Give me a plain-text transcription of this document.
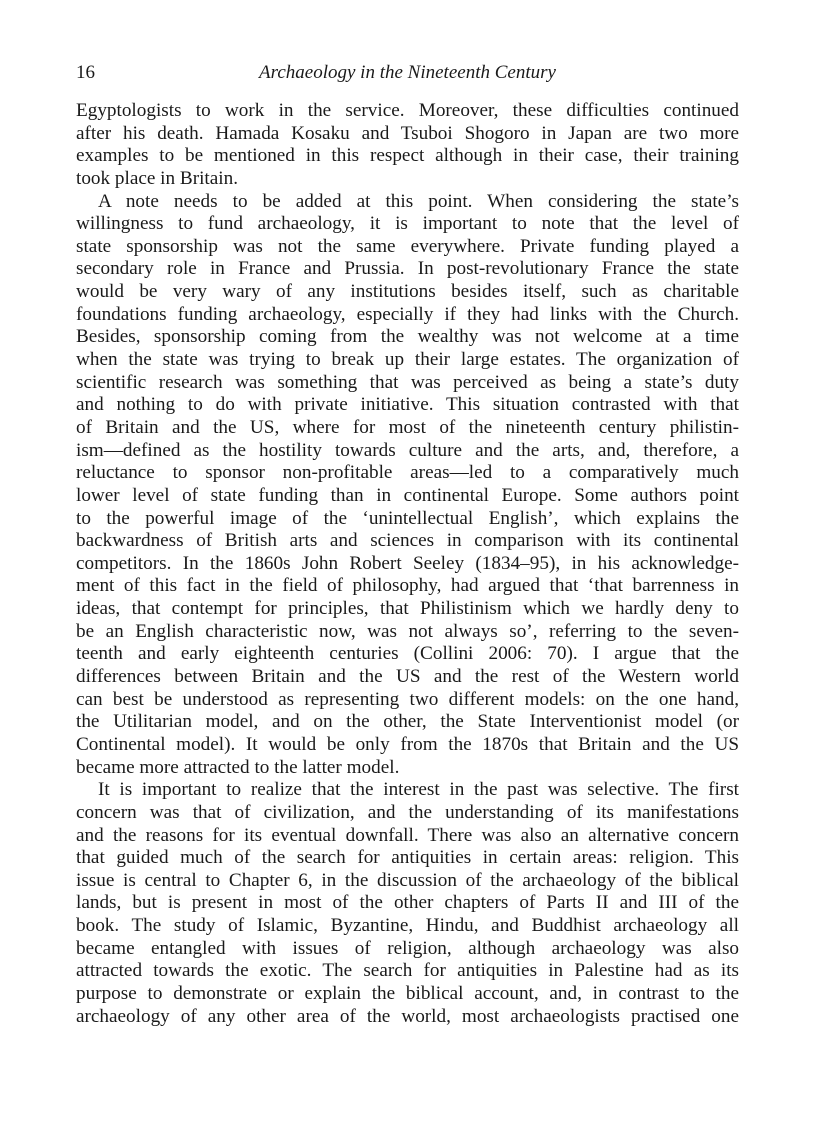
16	Archaeology in the Nineteenth Century
Egyptologists to work in the service. Moreover, these difficulties continued
after his death. Hamada Kosaku and Tsuboi Shogoro in Japan are two more
examples to be mentioned in this respect although in their case, their training
took place in Britain.
A note needs to be added at this point. When considering the state’s
willingness to fund archaeology, it is important to note that the level of
state sponsorship was not the same everywhere. Private funding played a
secondary role in France and Prussia. In post-revolutionary France the state
would be very wary of any institutions besides itself, such as charitable
foundations funding archaeology, especially if they had links with the Church.
Besides, sponsorship coming from the wealthy was not welcome at a time
when the state was trying to break up their large estates. The organization of
scientific research was something that was perceived as being a state’s duty
and nothing to do with private initiative. This situation contrasted with that
of Britain and the US, where for most of the nineteenth century philistin-
ism—defined as the hostility towards culture and the arts, and, therefore, a
reluctance to sponsor non-profitable areas—led to a comparatively much
lower level of state funding than in continental Europe. Some authors point
to the powerful image of the ‘unintellectual English’, which explains the
backwardness of British arts and sciences in comparison with its continental
competitors. In the 1860s John Robert Seeley (1834–95), in his acknowledge-
ment of this fact in the field of philosophy, had argued that ‘that barrenness in
ideas, that contempt for principles, that Philistinism which we hardly deny to
be an English characteristic now, was not always so’, referring to the seven-
teenth and early eighteenth centuries (Collini 2006: 70). I argue that the
differences between Britain and the US and the rest of the Western world
can best be understood as representing two different models: on the one hand,
the Utilitarian model, and on the other, the State Interventionist model (or
Continental model). It would be only from the 1870s that Britain and the US
became more attracted to the latter model.
It is important to realize that the interest in the past was selective. The first
concern was that of civilization, and the understanding of its manifestations
and the reasons for its eventual downfall. There was also an alternative concern
that guided much of the search for antiquities in certain areas: religion. This
issue is central to Chapter 6, in the discussion of the archaeology of the biblical
lands, but is present in most of the other chapters of Parts II and III of the
book. The study of Islamic, Byzantine, Hindu, and Buddhist archaeology all
became entangled with issues of religion, although archaeology was also
attracted towards the exotic. The search for antiquities in Palestine had as its
purpose to demonstrate or explain the biblical account, and, in contrast to the
archaeology of any other area of the world, most archaeologists practised one
